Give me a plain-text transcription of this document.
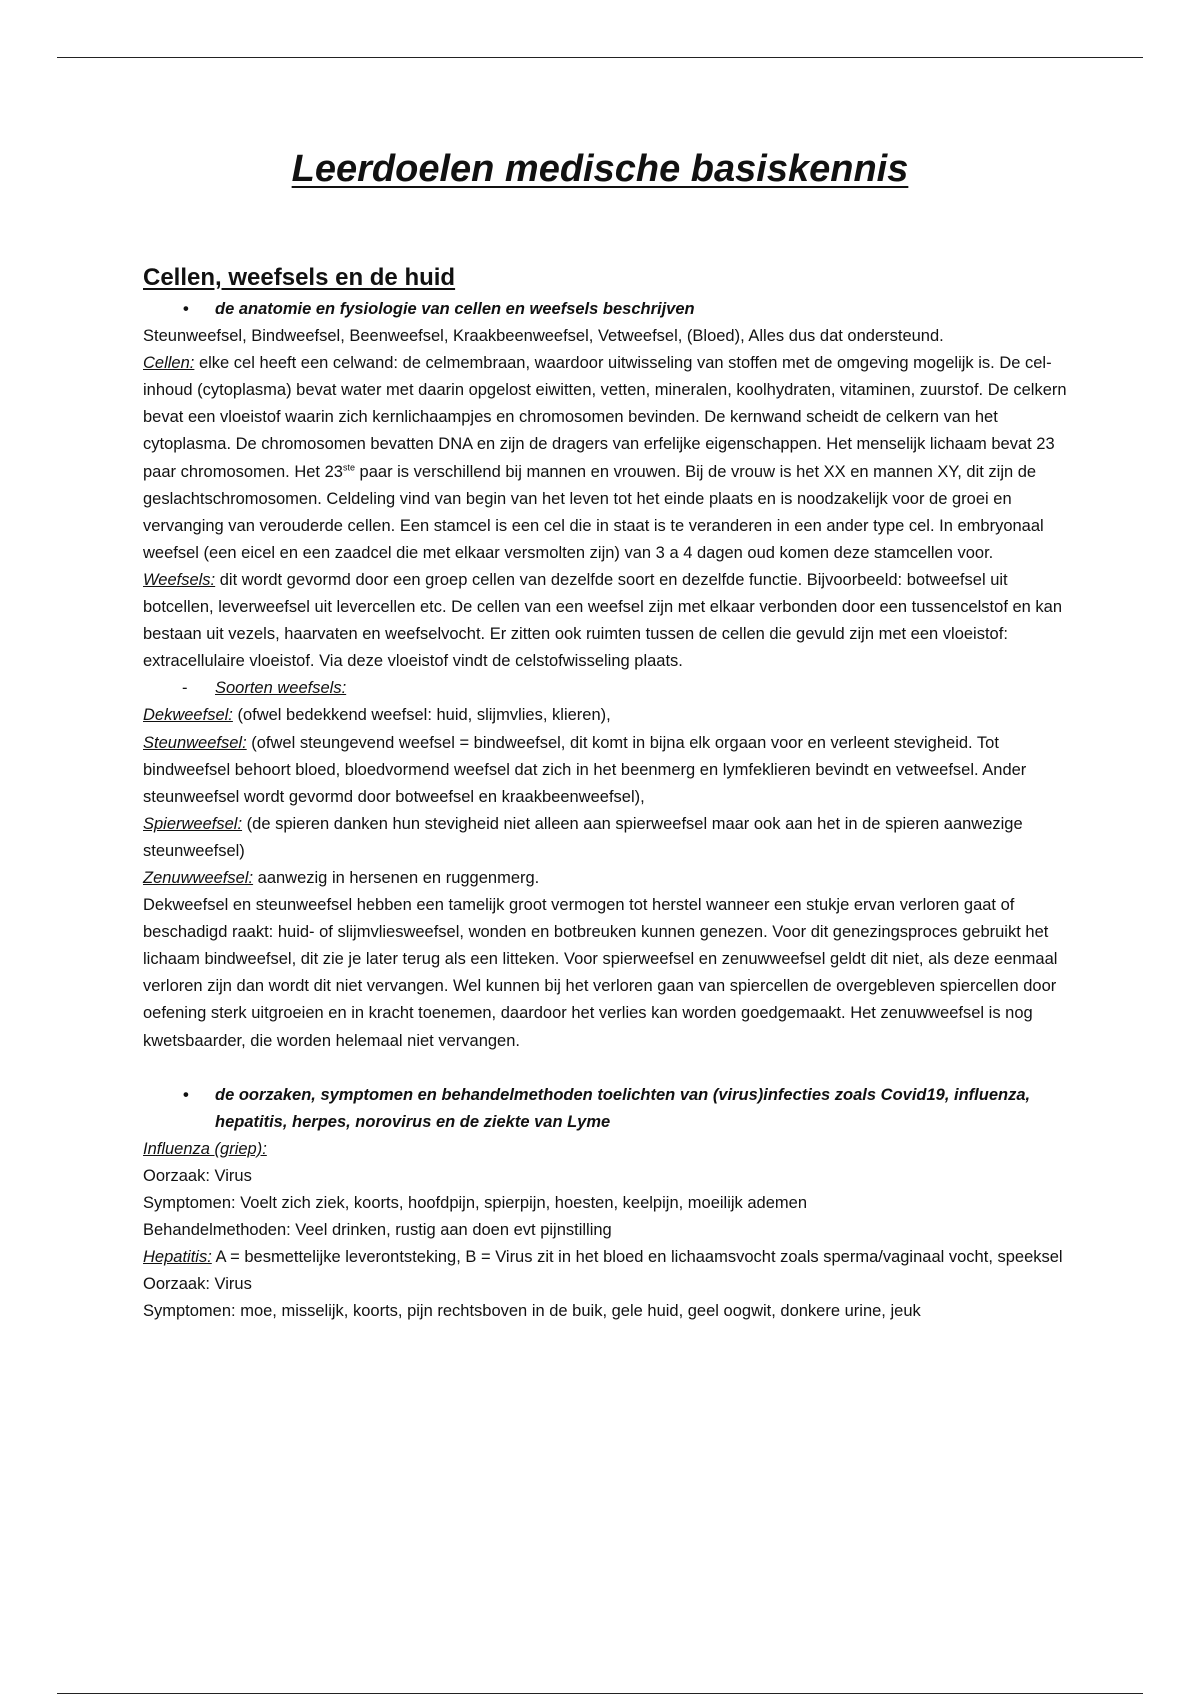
Leerdoelen medische basiskennis
Cellen, weefsels en de huid
• de anatomie en fysiologie van cellen en weefsels beschrijven

Steunweefsel, Bindweefsel, Beenweefsel, Kraakbeenweefsel, Vetweefsel, (Bloed), Alles dus dat ondersteund.

Cellen: elke cel heeft een celwand: de celmembraan, waardoor uitwisseling van stoffen met de omgeving mogelijk is. De cel-inhoud (cytoplasma) bevat water met daarin opgelost eiwitten, vetten, mineralen, koolhydraten, vitaminen, zuurstof. De celkern bevat een vloeistof waarin zich kernlichaampjes en chromosomen bevinden. De kernwand scheidt de celkern van het cytoplasma. De chromosomen bevatten DNA en zijn de dragers van erfelijke eigenschappen. Het menselijk lichaam bevat 23 paar chromosomen. Het 23ste paar is verschillend bij mannen en vrouwen. Bij de vrouw is het XX en mannen XY, dit zijn de geslachtschromosomen. Celdeling vind van begin van het leven tot het einde plaats en is noodzakelijk voor de groei en vervanging van verouderde cellen. Een stamcel is een cel die in staat is te veranderen in een ander type cel. In embryonaal weefsel (een eicel en een zaadcel die met elkaar versmolten zijn) van 3 a 4 dagen oud komen deze stamcellen voor.

Weefsels: dit wordt gevormd door een groep cellen van dezelfde soort en dezelfde functie. Bijvoorbeeld: botweefsel uit botcellen, leverweefsel uit levercellen etc. De cellen van een weefsel zijn met elkaar verbonden door een tussencelstof en kan bestaan uit vezels, haarvaten en weefselvocht. Er zitten ook ruimten tussen de cellen die gevuld zijn met een vloeistof: extracellulaire vloeistof. Via deze vloeistof vindt de celstofwisseling plaats.

- Soorten weefsels:

Dekweefsel: (ofwel bedekkend weefsel: huid, slijmvlies, klieren),

Steunweefsel: (ofwel steungevend weefsel = bindweefsel, dit komt in bijna elk orgaan voor en verleent stevigheid. Tot bindweefsel behoort bloed, bloedvormend weefsel dat zich in het beenmerg en lymfeklieren bevindt en vetweefsel. Ander steunweefsel wordt gevormd door botweefsel en kraakbeenweefsel),

Spierweefsel: (de spieren danken hun stevigheid niet alleen aan spierweefsel maar ook aan het in de spieren aanwezige steunweefsel)

Zenuwweefsel: aanwezig in hersenen en ruggenmerg.

Dekweefsel en steunweefsel hebben een tamelijk groot vermogen tot herstel wanneer een stukje ervan verloren gaat of beschadigd raakt: huid- of slijmvliesweefsel, wonden en botbreuken kunnen genezen. Voor dit genezingsproces gebruikt het lichaam bindweefsel, dit zie je later terug als een litteken. Voor spierweefsel en zenuwweefsel geldt dit niet, als deze eenmaal verloren zijn dan wordt dit niet vervangen. Wel kunnen bij het verloren gaan van spiercellen de overgebleven spiercellen door oefening sterk uitgroeien en in kracht toenemen, daardoor het verlies kan worden goedgemaakt. Het zenuwweefsel is nog kwetsbaarder, die worden helemaal niet vervangen.

• de oorzaken, symptomen en behandelmethoden toelichten van (virus)infecties zoals Covid19, influenza, hepatitis, herpes, norovirus en de ziekte van Lyme

Influenza (griep):

Oorzaak: Virus

Symptomen: Voelt zich ziek, koorts, hoofdpijn, spierpijn, hoesten, keelpijn, moeilijk ademen

Behandelmethoden: Veel drinken, rustig aan doen evt pijnstilling

Hepatitis: A = besmettelijke leverontsteking, B = Virus zit in het bloed en lichaamsvocht zoals sperma/vaginaal vocht, speeksel

Oorzaak: Virus

Symptomen: moe, misselijk, koorts, pijn rechtsboven in de buik, gele huid, geel oogwit, donkere urine, jeuk
